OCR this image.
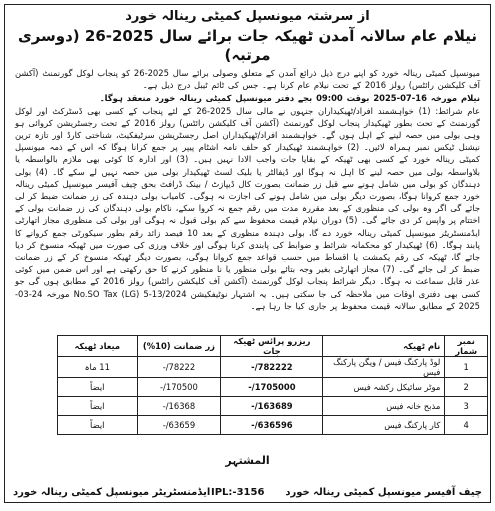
از سرشتہ میونسپل کمیٹی رینالہ خورد
نیلام عام سالانہ آمدن ٹھیکہ جات برائے سال 2025-26 (دوسری مرتبہ)

میونسپل کمیٹی رینالہ خورد کو اپنے درج ذیل ذرائع آمدن کے متعلق وصولی برائے سال 2025-26 کو پنجاب لوکل گورنمنٹ (آکشن آف کلیکشن رائٹس) رولز 2016 کے تحت نیلام عام کرنا ہے۔ جس کی ٹائم ٹیبل درج ذیل ہے۔

نیلام مورخہ 16-07-2025 بوقت 09:00 بجے دفتر میونسپل کمیٹی رینالہ خورد منعقد ہوگا۔

عام شرائط: (1) خواہشمند افراد/ٹھیکیداران جنہوں نے مالی سال 2025-26 کے لئے پنجاب کے کسی بھی ڈسٹرکٹ اور لوکل گورنمنٹ کے تحت بطور ٹھیکیدار پنجاب لوکل گورنمنٹ (آکشن آف کلیکشن رائٹس) رولز 2016 کے تحت رجسٹریشن کروائی ہو وہی بولی میں حصہ لینے کے اہل ہوں گے۔ خواہشمند افراد/ٹھیکیداران اصل رجسٹریشن سرٹیفکیٹ، شناختی کارڈ اور تازہ ترین نیشنل ٹیکس نمبر ہمراہ لائیں۔ (2) خواہشمند ٹھیکیدار کو حلف نامہ اشٹام پیپر پر جمع کرانا ہوگا کہ اس کے ذمہ میونسپل کمیٹی رینالہ خورد کے کسی بھی ٹھیکہ کے بقایا جات واجب الادا نہیں ہیں۔ (3) اور ادارہ کا کوئی بھی ملازم بالواسطہ یا بلاواسطہ بولی میں حصہ لینے کا اہل نہ ہوگا اور ڈیفالٹر یا بلیک لسٹ ٹھیکیدار بولی میں حصہ نہیں لے سکے گا۔ (4) بولی دہندگان کو بولی میں شامل ہونے سے قبل زر ضمانت بصورت کال ڈیپازٹ / بینک ڈرافٹ بحق چیف آفیسر میونسپل کمیٹی رینالہ خورد جمع کروانا ہوگا، بصورت دیگر بولی میں شامل ہونے کی اجازت نہ ہوگی۔ کامیاب بولی دہندہ کی زر ضمانت ضبط کر لی جائے گی اگر وہ بولی کی منظوری کے بعد مقررہ مدت میں رقم جمع نہ کروا سکے، ناکام بولی دہندگان کی زر ضمانت بولی کے اختتام پر واپس کر دی جائے گی۔ (5) دوران نیلام قیمت محفوظ سے کم بولی قبول نہ ہوگی اور بولی کی منظوری مجاز اتھارٹی ایڈمنسٹریٹر میونسپل کمیٹی رینالہ خورد دے گا، بولی دہندہ منظوری کے بعد 10 فیصد زائد رقم بطور سیکورٹی جمع کروانے کا پابند ہوگا۔ (6) ٹھیکیدار کو محکمانہ شرائط و ضوابط کی پابندی کرنا ہوگی اور خلاف ورزی کی صورت میں ٹھیکہ منسوخ کر دیا جائے گا، ٹھیکہ کی رقم یکمشت یا اقساط میں حسب قواعد جمع کروانا ہوگی، بصورت دیگر ٹھیکہ منسوخ کر کے زر ضمانت ضبط کر لی جائے گی۔ (7) مجاز اتھارٹی بغیر وجہ بتائے بولی منظور یا نا منظور کرنے کا حق رکھتی ہے اور اس ضمن میں کوئی عذر قابل سماعت نہ ہوگا۔ دیگر شرائط پنجاب لوکل گورنمنٹ (آکشن آف کلیکشن رائٹس) رولز 2016 کے مطابق ہوں گی جو کسی بھی دفتری اوقات میں ملاحظہ کی جا سکتی ہیں۔ یہ اشتہار نوٹیفکیشن No.SO Tax (LG) 5-13/2024 مورخہ 24-03-2025 کے مطابق سالانہ قیمت محفوظ پر جاری کیا جا رہا ہے۔

نمبر شمار	نام ٹھیکہ	ریزرو پرائس ٹھیکہ جات	زر ضمانت (10%)	میعاد ٹھیکہ
1	لوڈ پارکنگ فیس / ویگن پارکنگ فیس	782222/-	78222/-	11 ماہ
2	موٹر سائیکل رکشہ فیس	1705000/-	170500/-	ایضاً
3	مذبح خانہ فیس	163689/-	16368/-	ایضاً
4	کار پارکنگ فیس	636596/-	63659/-	ایضاً
المشتہر
چیف آفیسر میونسپل کمیٹی رینالہ خورد
IPL:-3156
ایڈمنسٹریٹر میونسپل کمیٹی رینالہ خورد
